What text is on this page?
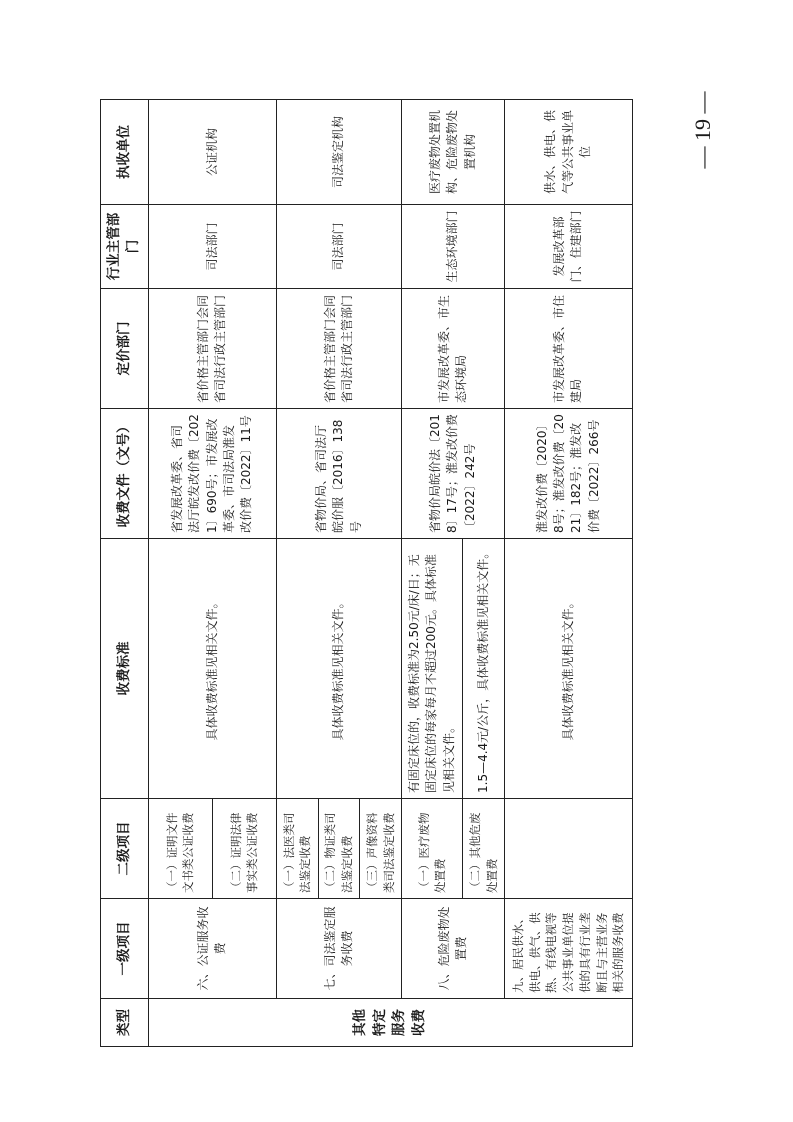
类型	一级项目	二级项目	收费标准	收费文件（文号）	定价部门	行业主管部门	执收单位
其他特定服务收费	六、公证服务收费	（一）证明文件文书类公证收费	具体收费标准见相关文件。	省发展改革委、省司法厅皖发改价费〔2021〕690号；市发展改革委、市司法局淮发改价费〔2022〕11号	省价格主管部门会同省司法行政主管部门	司法部门	公证机构
		（二）证明法律事实类公证收费					
	七、司法鉴定服务收费	（一）法医类司法鉴定收费	具体收费标准见相关文件。	省物价局、省司法厅皖价服〔2016〕138号	省价格主管部门会同省司法行政主管部门	司法部门	司法鉴定机构
		（二）物证类司法鉴定收费					
		（三）声像资料类司法鉴定收费					
	八、危险废物处置费	（一）医疗废物处置费	有固定床位的，收费标准为2.50元/床/日；无固定床位的每家每月不超过200元。具体标准见相关文件。	省物价局皖价法〔2018〕17号；淮发改价费〔2022〕242号	市发展改革委、市生态环境局	生态环境部门	医疗废物处置机构、危险废物处置机构
		（二）其他危废处置费	1.5—4.4元/公斤，具体收费标准见相关文件。				
	九、居民供水、供电、供气、供热、有线电视等公共事业单位提供的具有行业垄断且与主营业务相关的服务收费		具体收费标准见相关文件。	淮发改价费〔2020〕8号；淮发改价费〔2021〕182号；淮发改价费〔2022〕266号	市发展改革委、市住建局	发展改革部门、住建部门	供水、供电、供气等公共事业单位	— 19 —
